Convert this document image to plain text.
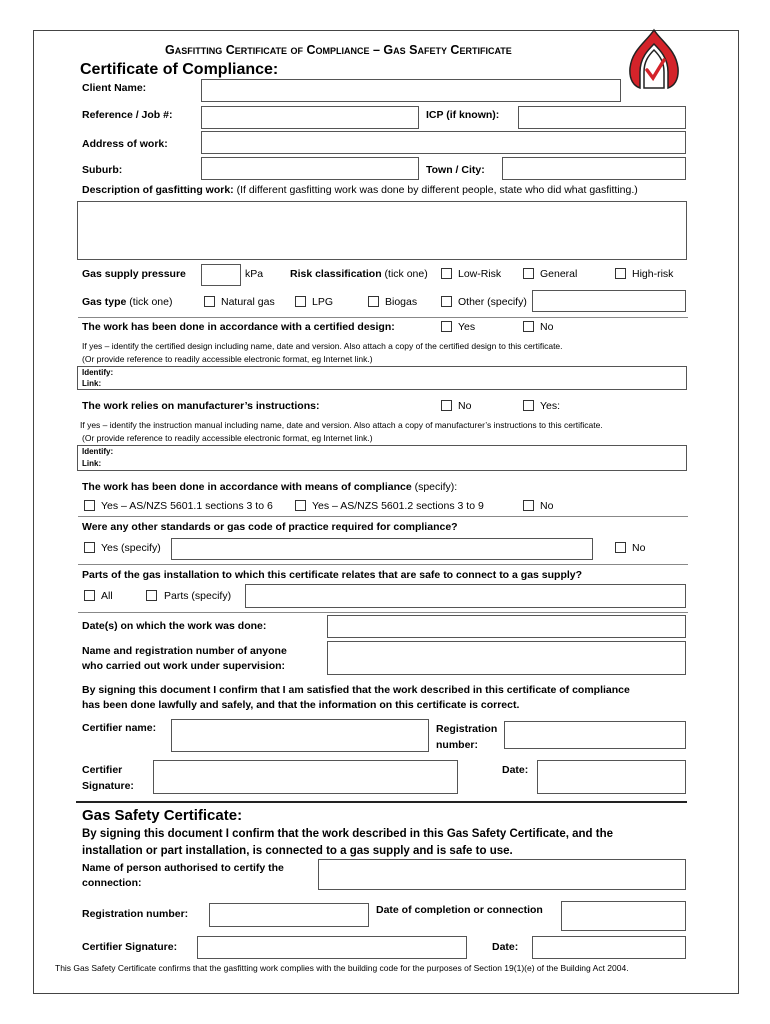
Gasfitting Certificate of Compliance – Gas Safety Certificate
Certificate of Compliance:
Client Name:
Reference / Job #:	ICP (if known):
Address of work:
Suburb:	Town / City:
Description of gasfitting work: (If different gasfitting work was done by different people, state who did what gasfitting.)
Gas supply pressure	kPa	Risk classification (tick one)	Low-Risk	General	High-risk
Gas type (tick one)	Natural gas	LPG	Biogas	Other (specify)
The work has been done in accordance with a certified design:	Yes	No
If yes – identify the certified design including name, date and version. Also attach a copy of the certified design to this certificate.
(Or provide reference to readily accessible electronic format, eg Internet link.)
Identify:
Link:
The work relies on manufacturer’s instructions:	No	Yes:
If yes – identify the instruction manual including name, date and version. Also attach a copy of manufacturer’s instructions to this certificate.
(Or provide reference to readily accessible electronic format, eg Internet link.)
Identify:
Link:
The work has been done in accordance with means of compliance (specify):
Yes – AS/NZS 5601.1 sections 3 to 6	Yes – AS/NZS 5601.2 sections 3 to 9	No
Were any other standards or gas code of practice required for compliance?
Yes (specify)	No
Parts of the gas installation to which this certificate relates that are safe to connect to a gas supply?
All	Parts (specify)
Date(s) on which the work was done:
Name and registration number of anyone
who carried out work under supervision:
By signing this document I confirm that I am satisfied that the work described in this certificate of compliance
has been done lawfully and safely, and that the information on this certificate is correct.
Certifier name:	Registration
number:
Certifier
Signature:
Date:
Gas Safety Certificate:
By signing this document I confirm that the work described in this Gas Safety Certificate, and the
installation or part installation, is connected to a gas supply and is safe to use.
Name of person authorised to certify the
connection:
Registration number:	Date of completion or connection
Certifier Signature:	Date:
This Gas Safety Certificate confirms that the gasfitting work complies with the building code for the purposes of Section 19(1)(e) of the Building Act 2004.
